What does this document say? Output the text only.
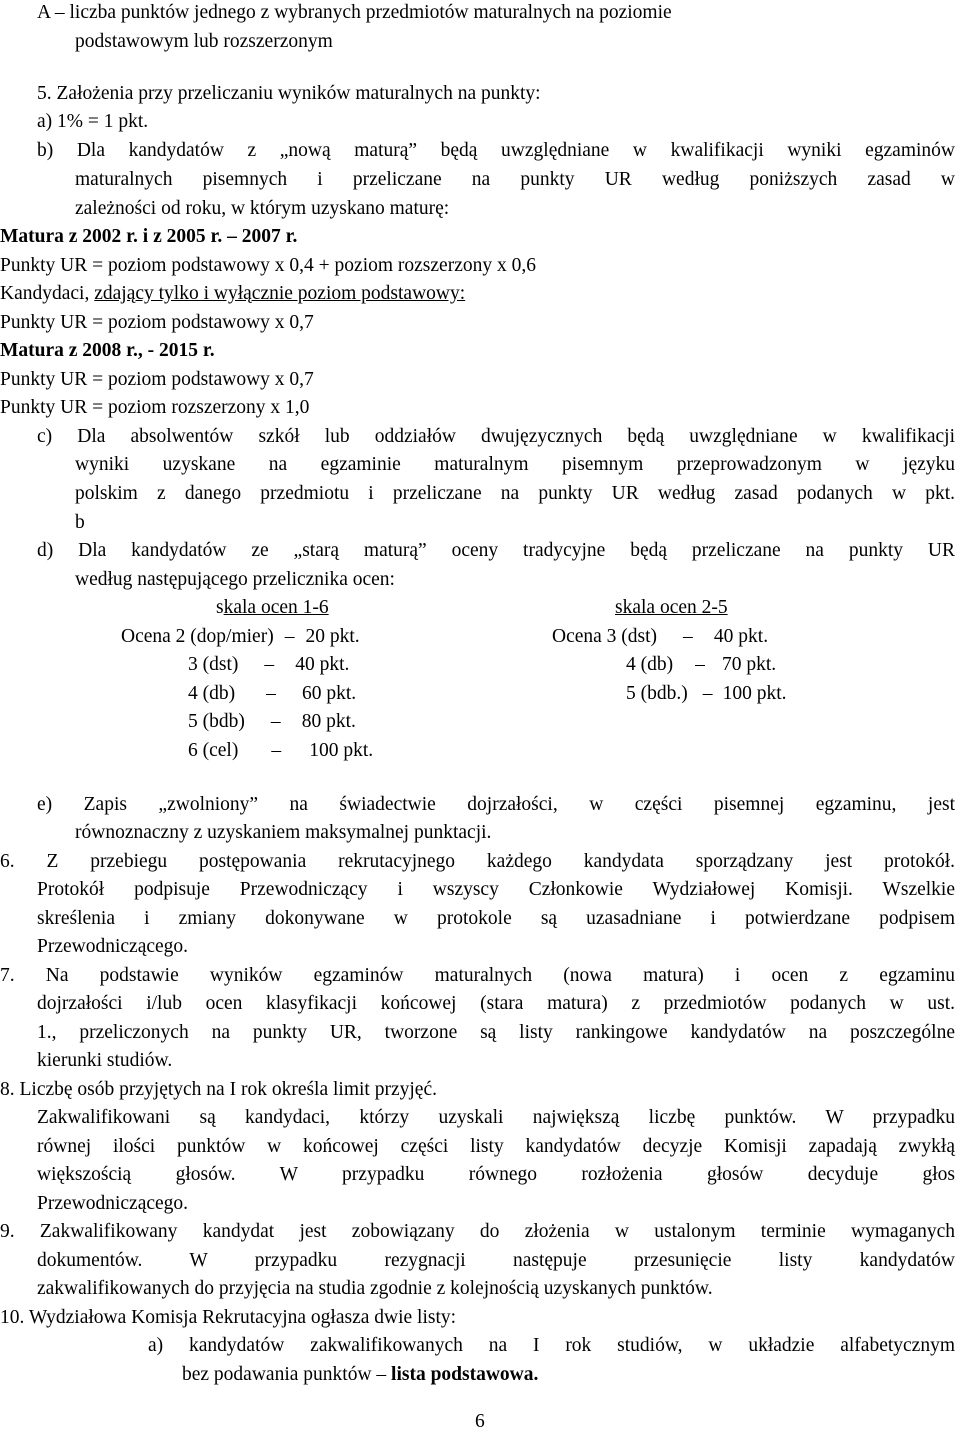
A – liczba punktów jednego z wybranych przedmiotów maturalnych na poziomie
podstawowym lub rozszerzonym
5. Założenia przy przeliczaniu wyników maturalnych na punkty:
a) 1% = 1 pkt.
b) Dla kandydatów z „nową maturą” będą uwzględniane w kwalifikacji wyniki egzaminów
maturalnych pisemnych i przeliczane na punkty UR według poniższych zasad w
zależności od roku, w którym uzyskano maturę:
Matura z 2002 r. i z 2005 r. – 2007 r.
Punkty UR = poziom podstawowy x 0,4 + poziom rozszerzony x 0,6
Kandydaci, zdający tylko i wyłącznie poziom podstawowy:
Punkty UR = poziom podstawowy x 0,7
Matura z 2008 r., - 2015 r.
Punkty UR = poziom podstawowy x 0,7
Punkty UR = poziom rozszerzony x 1,0
c) Dla absolwentów szkół lub oddziałów dwujęzycznych będą uwzględniane w kwalifikacji
wyniki uzyskane na egzaminie maturalnym pisemnym przeprowadzonym w języku
polskim z danego przedmiotu i przeliczane na punkty UR według zasad podanych w pkt.
b
d) Dla kandydatów ze „starą maturą” oceny tradycyjne będą przeliczane na punkty UR
według następującego przelicznika ocen:
skala ocen 1-6	skala ocen 2-5
Ocena 2 (dop/mier) – 20 pkt.
3 (dst) – 40 pkt.
4 (db) – 60 pkt.
5 (bdb) – 80 pkt.
6 (cel) – 100 pkt.
Ocena 3 (dst) – 40 pkt.
4 (db) – 70 pkt.
5 (bdb.) – 100 pkt.
e) Zapis „zwolniony” na świadectwie dojrzałości, w części pisemnej egzaminu, jest
równoznaczny z uzyskaniem maksymalnej punktacji.
6. Z przebiegu postępowania rekrutacyjnego każdego kandydata sporządzany jest protokół.
Protokół podpisuje Przewodniczący i wszyscy Członkowie Wydziałowej Komisji. Wszelkie
skreślenia i zmiany dokonywane w protokole są uzasadniane i potwierdzane podpisem
Przewodniczącego.
7. Na podstawie wyników egzaminów maturalnych (nowa matura) i ocen z egzaminu
dojrzałości i/lub ocen klasyfikacji końcowej (stara matura) z przedmiotów podanych w ust.
1., przeliczonych na punkty UR, tworzone są listy rankingowe kandydatów na poszczególne
kierunki studiów.
8. Liczbę osób przyjętych na I rok określa limit przyjęć.
Zakwalifikowani są kandydaci, którzy uzyskali największą liczbę punktów. W przypadku
równej ilości punktów w końcowej części listy kandydatów decyzje Komisji zapadają zwykłą
większością głosów. W przypadku równego rozłożenia głosów decyduje głos
Przewodniczącego.
9. Zakwalifikowany kandydat jest zobowiązany do złożenia w ustalonym terminie wymaganych
dokumentów. W przypadku rezygnacji następuje przesunięcie listy kandydatów
zakwalifikowanych do przyjęcia na studia zgodnie z kolejnością uzyskanych punktów.
10. Wydziałowa Komisja Rekrutacyjna ogłasza dwie listy:
a) kandydatów zakwalifikowanych na I rok studiów, w układzie alfabetycznym
bez podawania punktów – lista podstawowa.
6
